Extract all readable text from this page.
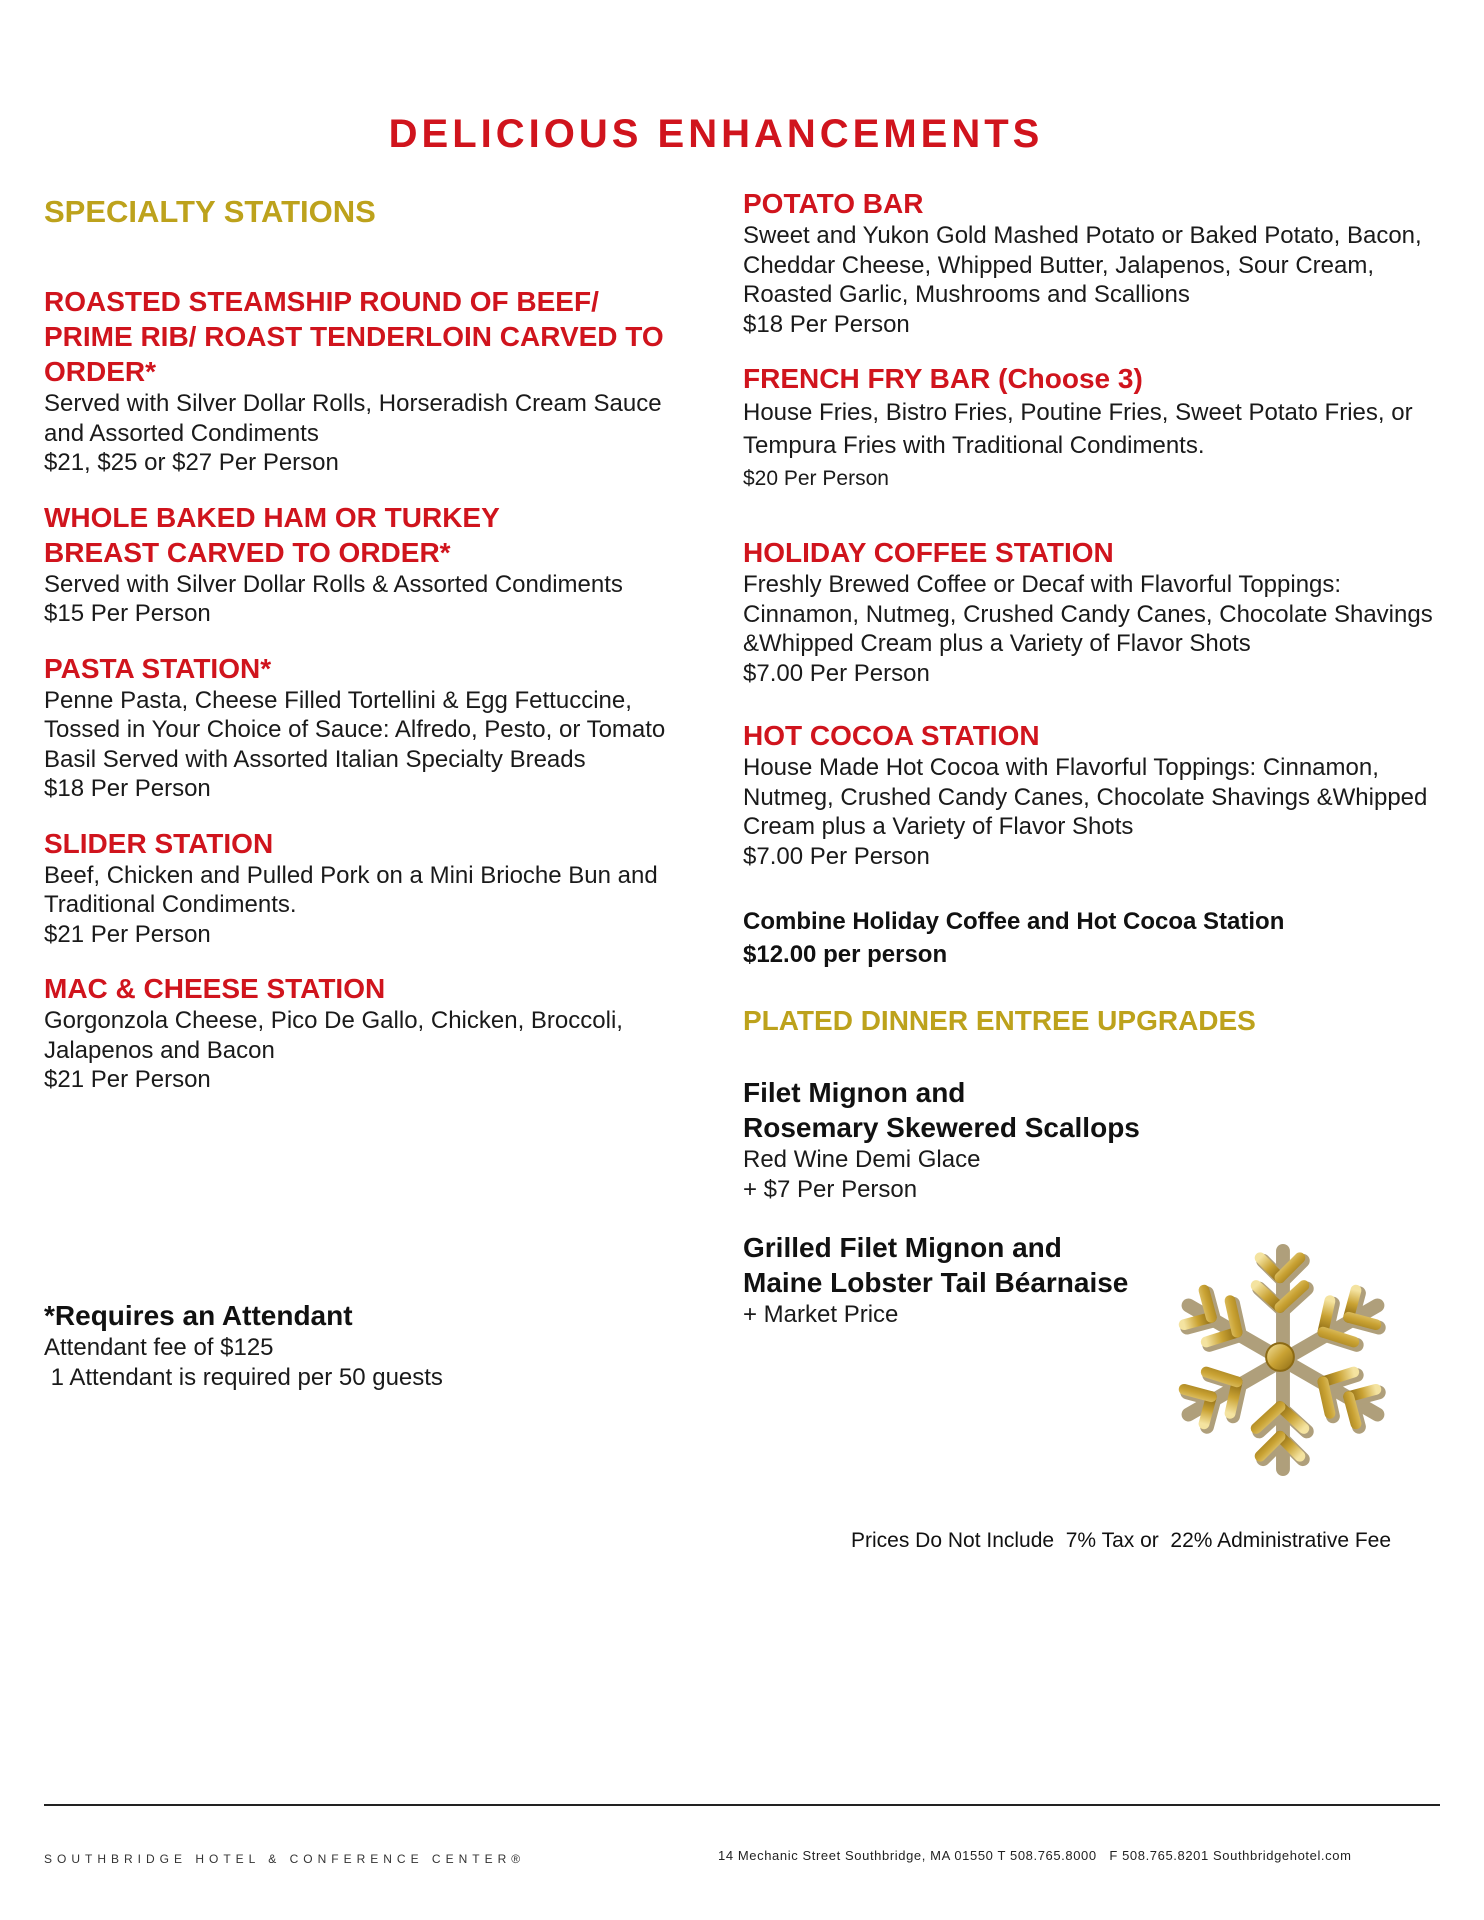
DELICIOUS ENHANCEMENTS

SPECIALTY STATIONS

ROASTED STEAMSHIP ROUND OF BEEF/ PRIME RIB/ ROAST TENDERLOIN CARVED TO ORDER*

Served with Silver Dollar Rolls, Horseradish Cream Sauce and Assorted Condiments

$21, $25 or $27 Per Person

WHOLE BAKED HAM OR TURKEY BREAST CARVED TO ORDER*

Served with Silver Dollar Rolls & Assorted Condiments

$15 Per Person

PASTA STATION*

Penne Pasta, Cheese Filled Tortellini & Egg Fettuccine, Tossed in Your Choice of Sauce: Alfredo, Pesto, or Tomato Basil Served with Assorted Italian Specialty Breads

$18 Per Person

SLIDER STATION

Beef, Chicken and Pulled Pork on a Mini Brioche Bun and Traditional Condiments.

$21 Per Person

MAC & CHEESE STATION

Gorgonzola Cheese, Pico De Gallo, Chicken, Broccoli, Jalapenos and Bacon

$21 Per Person

*Requires an Attendant

Attendant fee of $125

1 Attendant is required per 50 guests

POTATO BAR

Sweet and Yukon Gold Mashed Potato or Baked Potato, Bacon, Cheddar Cheese, Whipped Butter, Jalapenos, Sour Cream, Roasted Garlic, Mushrooms and Scallions

$18 Per Person

FRENCH FRY BAR (Choose 3)

House Fries, Bistro Fries, Poutine Fries, Sweet Potato Fries, or Tempura Fries with Traditional Condiments.

$20 Per Person

HOLIDAY COFFEE STATION

Freshly Brewed Coffee or Decaf with Flavorful Toppings: Cinnamon, Nutmeg, Crushed Candy Canes, Chocolate Shavings &Whipped Cream plus a Variety of Flavor Shots

$7.00 Per Person

HOT COCOA STATION

House Made Hot Cocoa with Flavorful Toppings: Cinnamon, Nutmeg, Crushed Candy Canes, Chocolate Shavings &Whipped Cream plus a Variety of Flavor Shots

$7.00 Per Person

Combine Holiday Coffee and Hot Cocoa Station

$12.00 per person

PLATED DINNER ENTREE UPGRADES

Filet Mignon and

Rosemary Skewered Scallops

Red Wine Demi Glace

+ $7 Per Person

Grilled Filet Mignon and

Maine Lobster Tail Béarnaise

+ Market Price

Prices Do Not Include  7% Tax or  22% Administrative Fee
SOUTHBRIDGE HOTEL & CONFERENCE CENTER®	14 Mechanic Street Southbridge, MA 01550 T 508.765.8000   F 508.765.8201 Southbridgehotel.com
